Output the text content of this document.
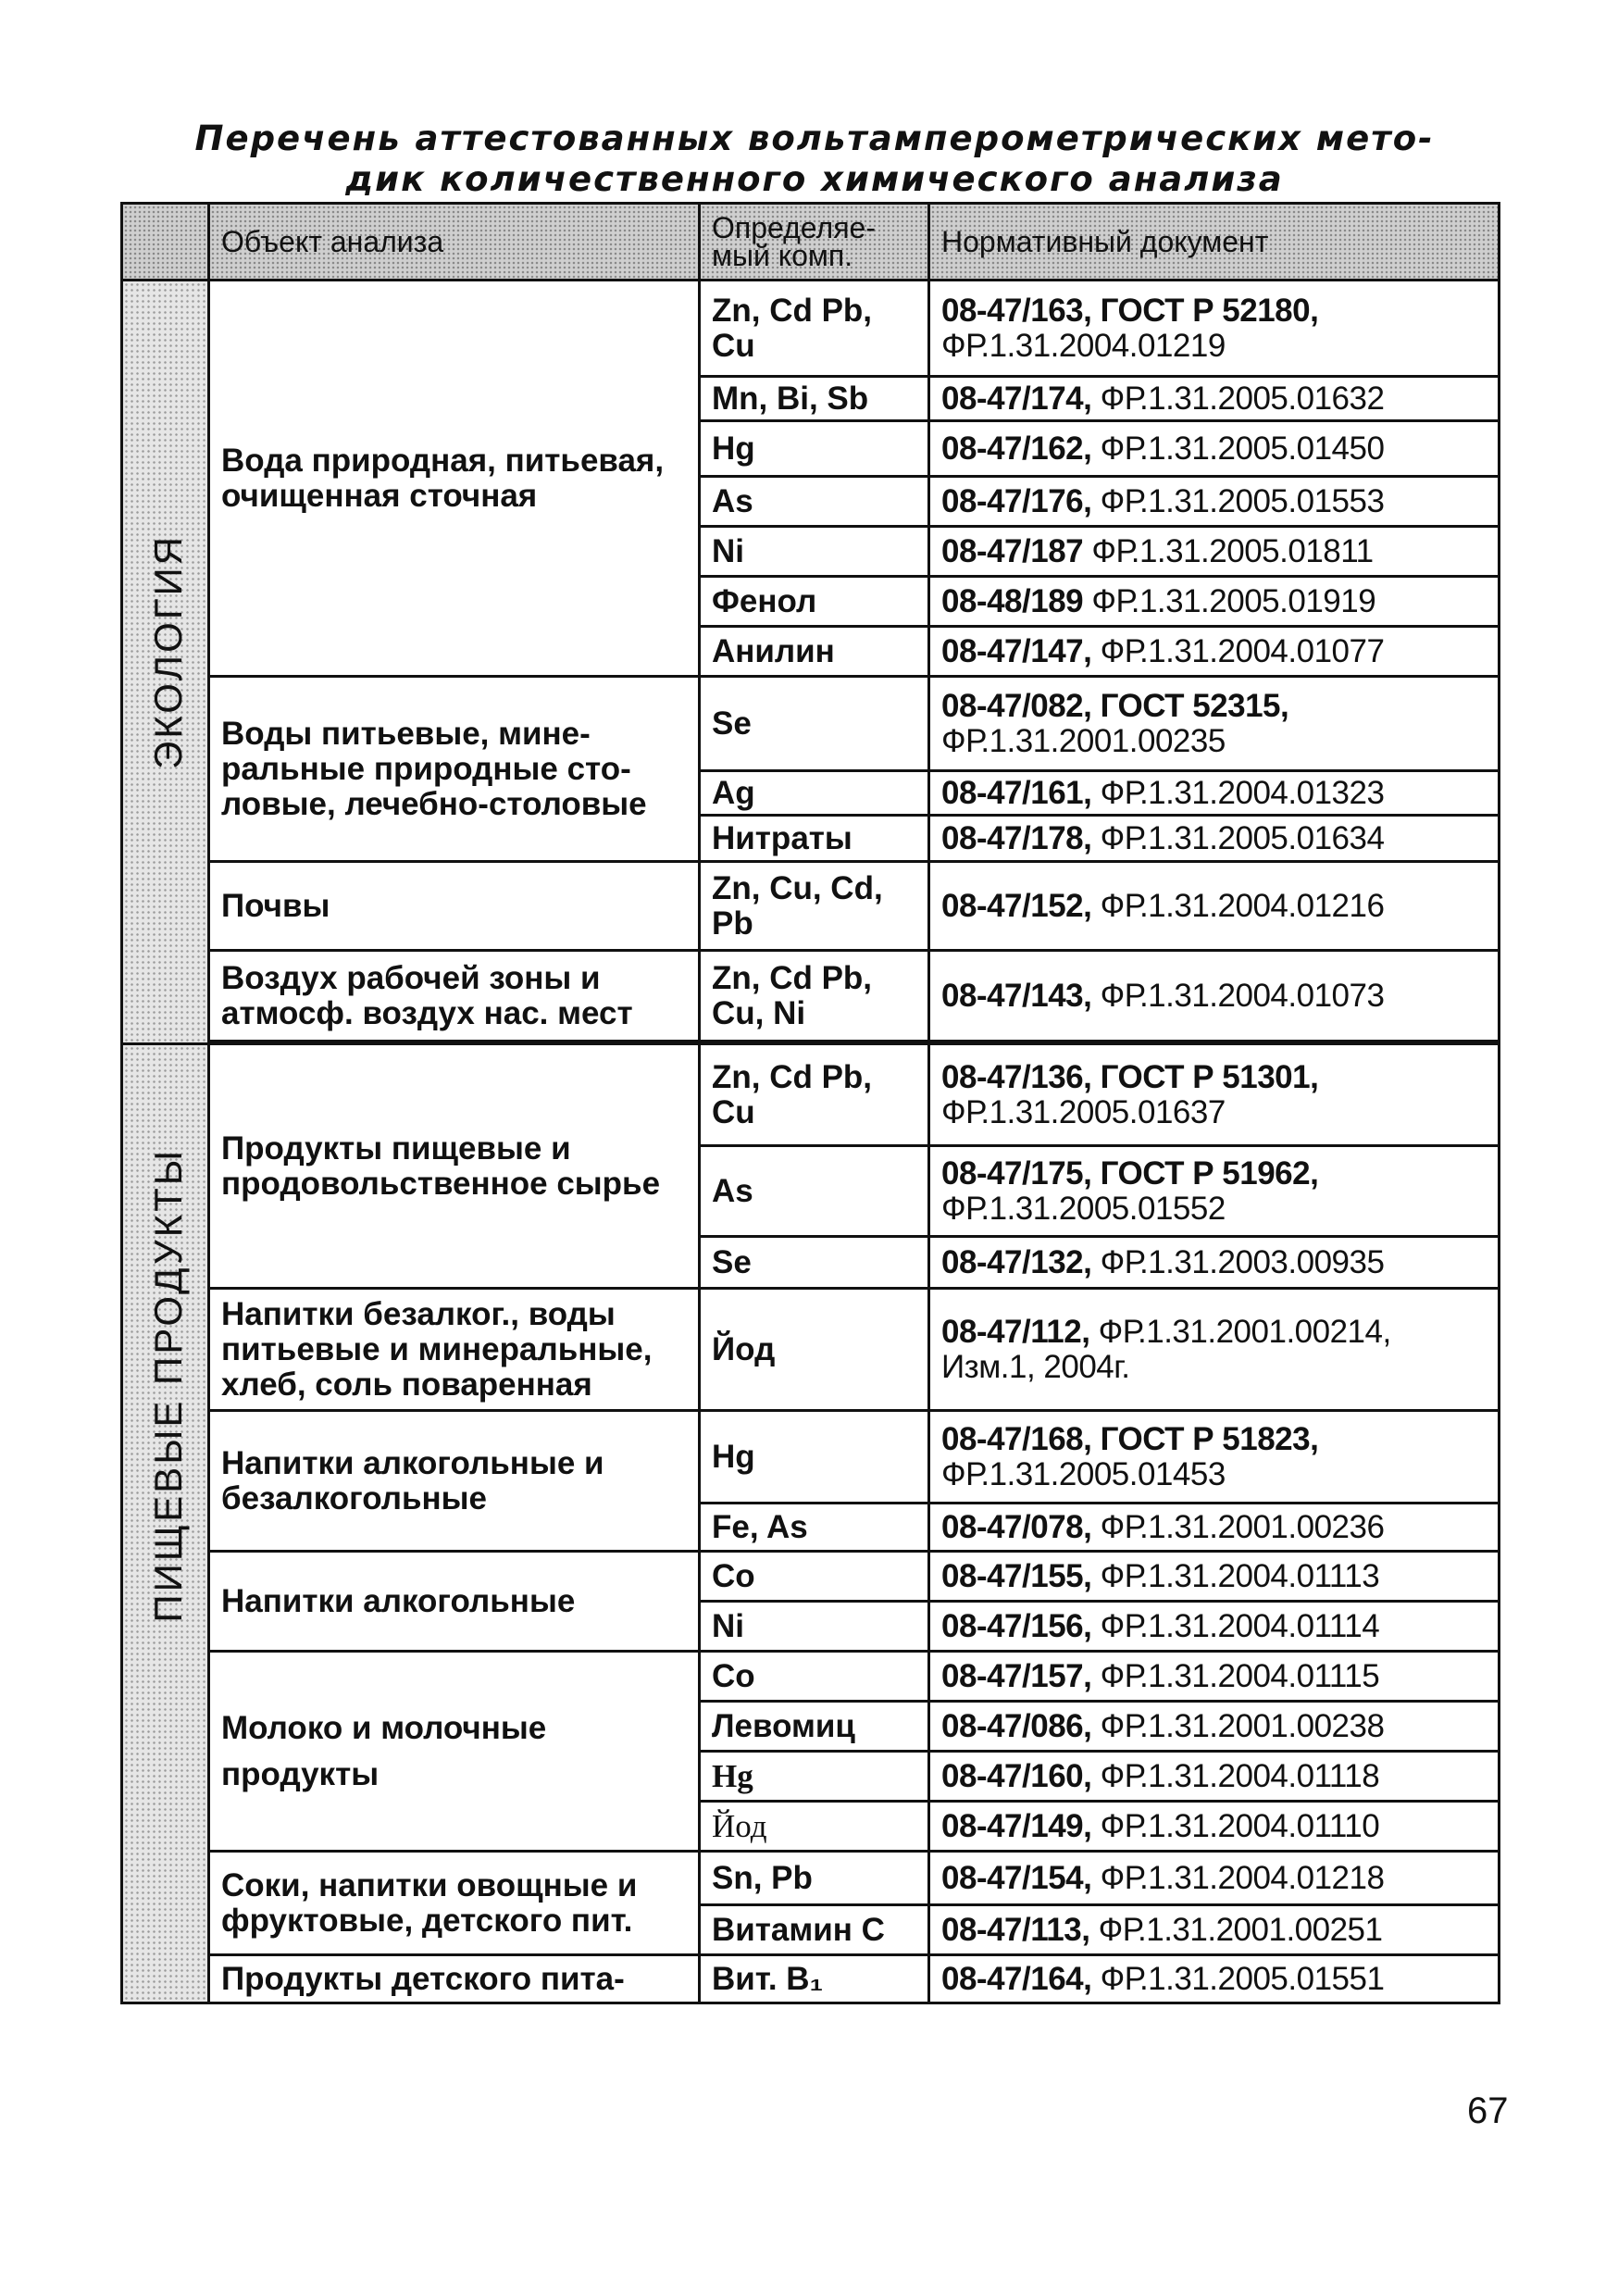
Перечень аттестованных вольтамперометрических мето-
дик количественного химического анализа
	Объект анализа	Определяе-мый комп.	Нормативный документ
ЭКОЛОГИЯ	Вода природная, питьевая, очищенная сточная	Zn, Cd Pb, Cu	08-47/163, ГОСТ Р 52180, ФР.1.31.2004.01219
		Mn, Bi, Sb	08-47/174, ФР.1.31.2005.01632
		Hg	08-47/162, ФР.1.31.2005.01450
		As	08-47/176, ФР.1.31.2005.01553
		Ni	08-47/187 ФР.1.31.2005.01811
		Фенол	08-48/189 ФР.1.31.2005.01919
		Анилин	08-47/147, ФР.1.31.2004.01077
	Воды питьевые, мине-ральные природные сто-ловые, лечебно-столовые	Se	08-47/082, ГОСТ 52315, ФР.1.31.2001.00235
		Ag	08-47/161, ФР.1.31.2004.01323
		Нитраты	08-47/178, ФР.1.31.2005.01634
	Почвы	Zn, Cu, Cd, Pb	08-47/152, ФР.1.31.2004.01216
	Воздух рабочей зоны и атмосф. воздух нас. мест	Zn, Cd Pb, Cu, Ni	08-47/143, ФР.1.31.2004.01073

ПИЩЕВЫЕ ПРОДУКТЫ	Продукты пищевые и продовольственное сырье	Zn, Cd Pb, Cu	08-47/136, ГОСТ Р 51301, ФР.1.31.2005.01637
		As	08-47/175, ГОСТ Р 51962, ФР.1.31.2005.01552
		Se	08-47/132, ФР.1.31.2003.00935
	Напитки безалког., воды питьевые и минеральные, хлеб, соль поваренная	Йод	08-47/112, ФР.1.31.2001.00214, Изм.1, 2004г.
	Напитки алкогольные и безалкогольные	Hg	08-47/168, ГОСТ Р 51823, ФР.1.31.2005.01453
		Fe, As	08-47/078, ФР.1.31.2001.00236
	Напитки алкогольные	Co	08-47/155, ФР.1.31.2004.01113
		Ni	08-47/156, ФР.1.31.2004.01114
	Молоко и молочные продукты	Co	08-47/157, ФР.1.31.2004.01115
		Левомиц	08-47/086, ФР.1.31.2001.00238
		Hg	08-47/160, ФР.1.31.2004.01118
		Йод	08-47/149, ФР.1.31.2004.01110
	Соки, напитки овощные и фруктовые, детского пит.	Sn, Pb	08-47/154, ФР.1.31.2004.01218
		Витамин С	08-47/113, ФР.1.31.2001.00251
	Продукты детского пита-	Вит. B₁	08-47/164, ФР.1.31.2005.01551

67
